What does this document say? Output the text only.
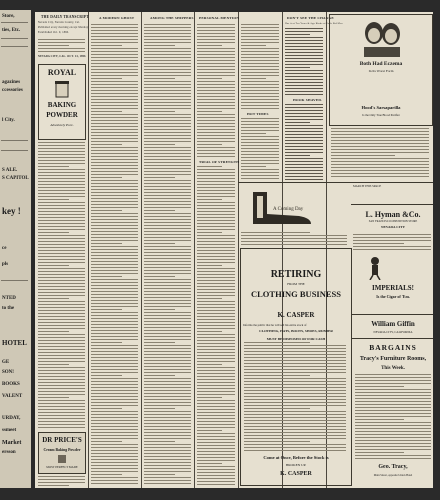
Store,
ties, Etc.
agazines
ccessories
l City.
S ALE.
S CAPITOL
key !
ce
pls
NTED
to the
HOTEL
GE
SON!
BOOKS
VALENT
URDAY,
ssmeet
Market
ersson
THE DAILY TRANSCRIPT
Nevada City, Nevada County, Cal.
Published every morning except Monday
Established Oct. 9, 1860.
NEVADA CITY, CAL. OCT. 14, 1896
ROYAL
BAKING
POWDER
Absolutely Pure.
DR PRICE'S
Cream Baking Powder
MOST PERFECT MADE
A MODERN GHOST	AMONG THE SHIPPERS PERSONAL MENTION
TRIAL OF STRENGTH
HOT TIMES
DON'T SEE THE CHANGE
Has it at Ten Years & Ago Kinds of Each Rid Men
HOOK SHAVED.
Both Had Eczema
In Its Worst Form
Hood's Sarsaparilla
Is the Only True Blood Purifier
A Coming Day
RETIRING
FROM THE
CLOTHING BUSINESS
K. CASPER
Informs the public that he will sell his entire stock of
CLOTHING, HATS, BOOTS, SHOES, RUBBER
MUST BE DISPOSED OF FOR CASH
Come at Once, Before the Stock is
BROKEN UP.
K. CASPER
MARCH THIS SPACE
L. Hyman &Co.
SAN FRANCISCO OPPOSITION STORE
NEVADA CITY
IMPERIALS!
Is the Cigar of 'Em.
William Giffin
NEVADA CITY, CALIFORNIA
BARGAINS
Tracy's Furniture Rooms,
This Week.
Geo. Tracy,
Main Street, opposite Union Hotel
